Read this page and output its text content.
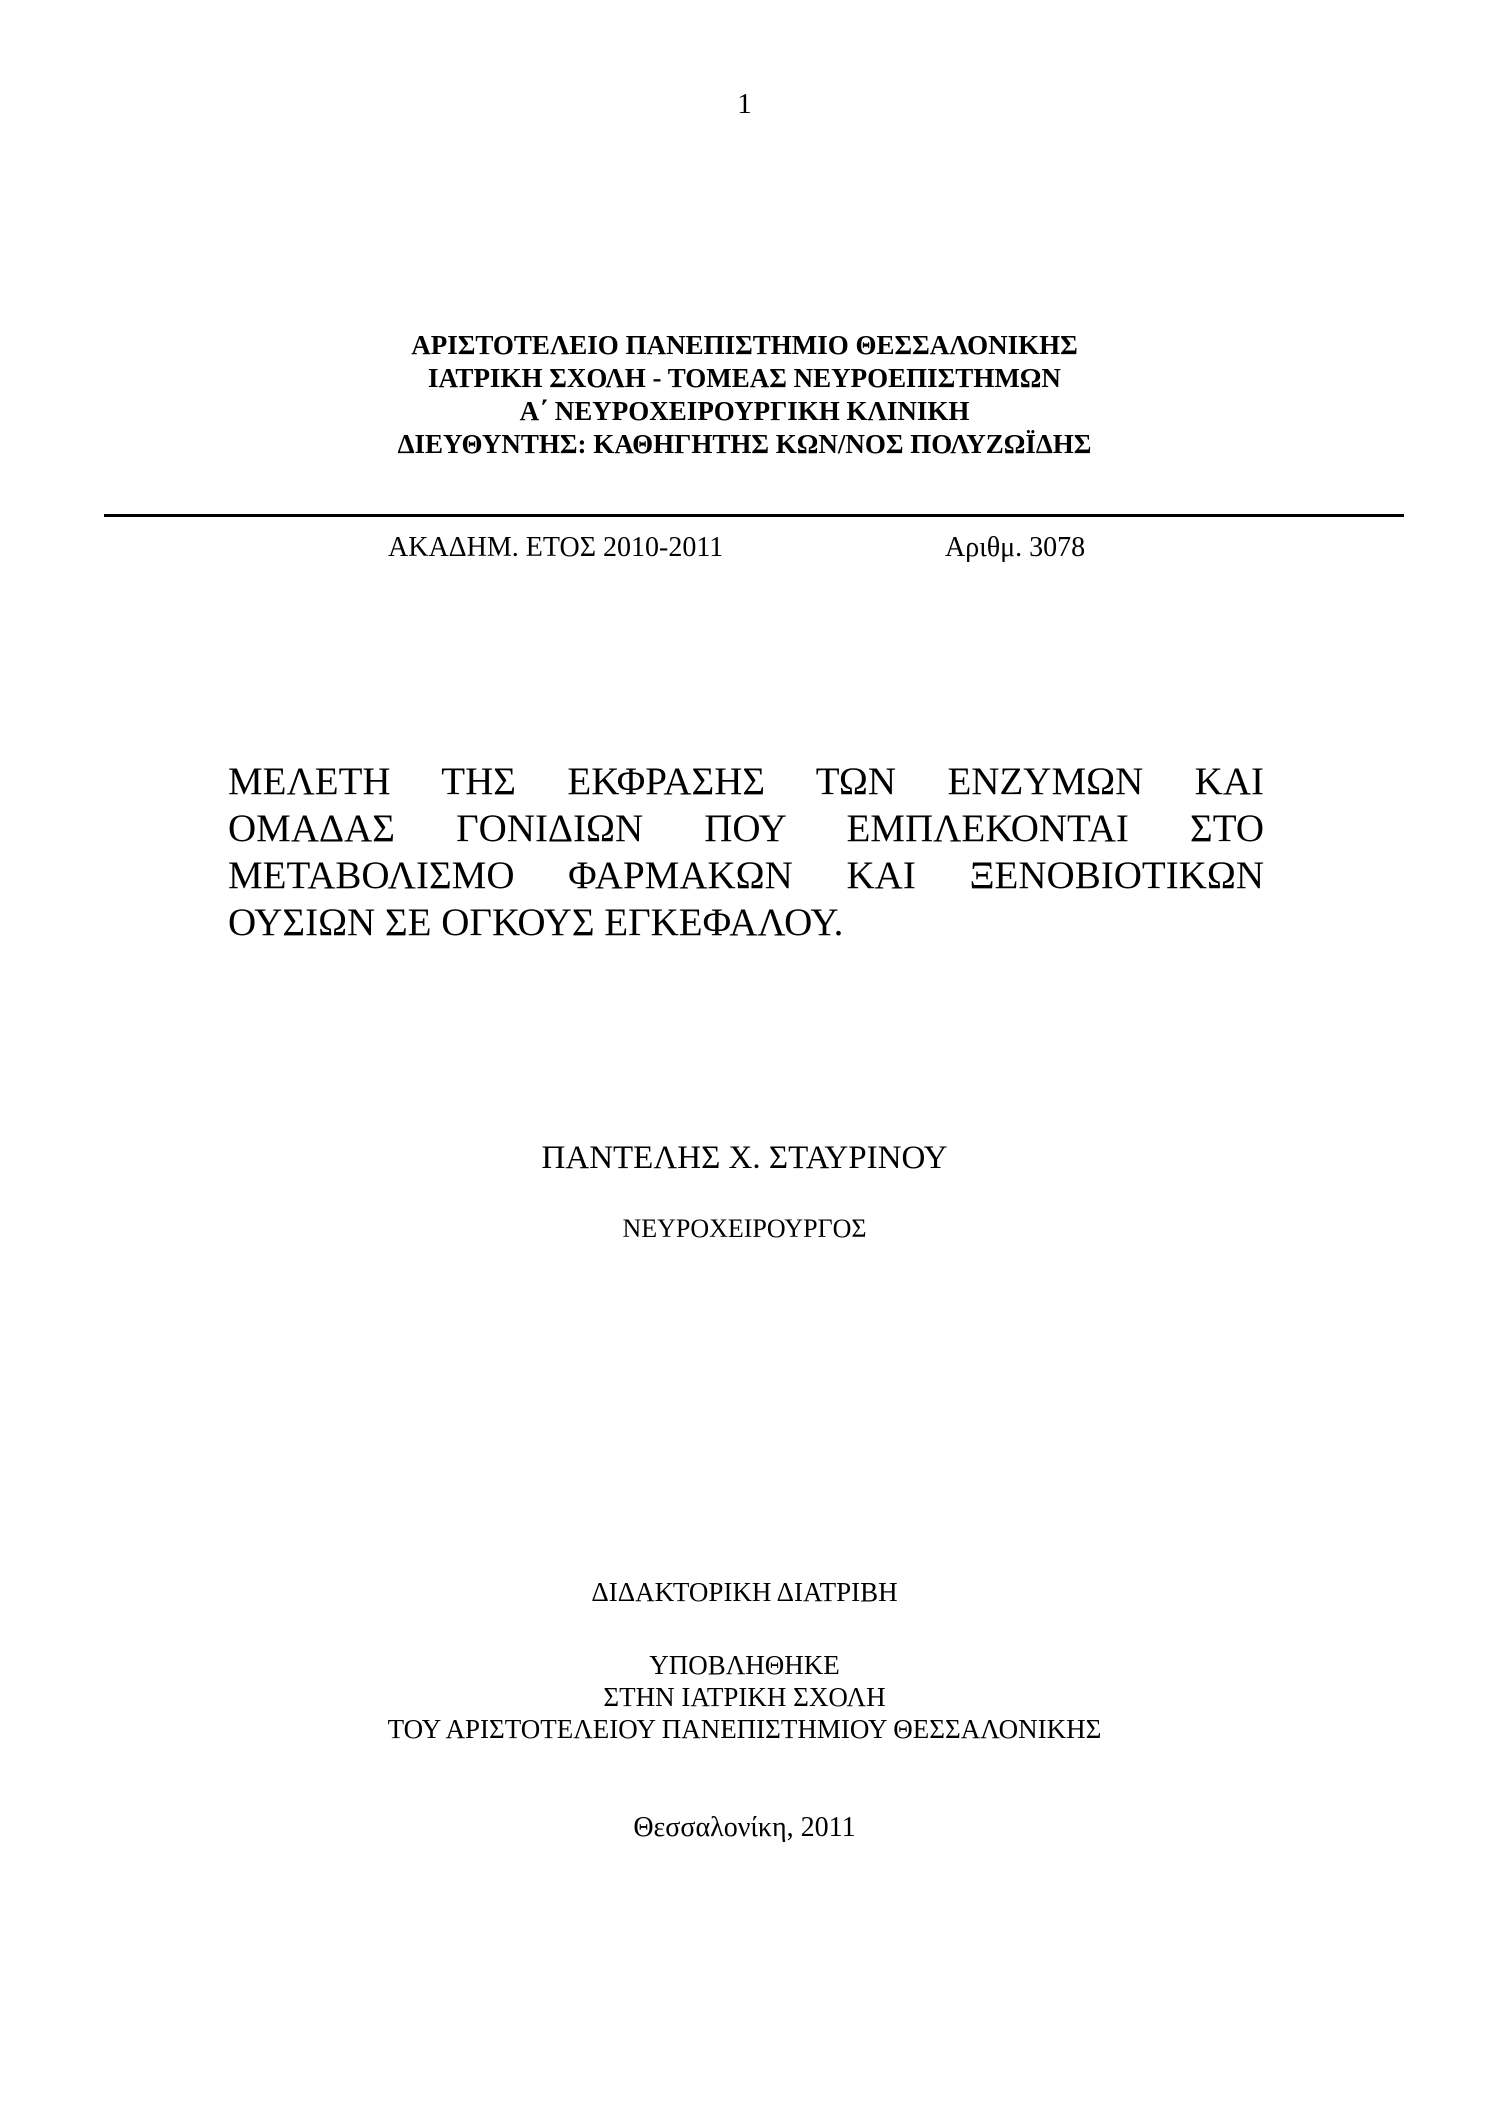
1
ΑΡΙΣΤΟΤΕΛΕΙΟ ΠΑΝΕΠΙΣΤΗΜΙΟ ΘΕΣΣΑΛΟΝΙΚΗΣ
ΙΑΤΡΙΚΗ ΣΧΟΛΗ - ΤΟΜΕΑΣ ΝΕΥΡΟΕΠΙΣΤΗΜΩΝ
Α΄ ΝΕΥΡΟΧΕΙΡΟΥΡΓΙΚΗ ΚΛΙΝΙΚΗ
ΔΙΕΥΘΥΝΤΗΣ: ΚΑΘΗΓΗΤΗΣ ΚΩΝ/ΝΟΣ ΠΟΛΥΖΩΪΔΗΣ
ΑΚΑΔΗΜ. ΕΤΟΣ 2010-2011	Αριθμ. 3078
ΜΕΛΕΤΗ ΤΗΣ ΕΚΦΡΑΣΗΣ ΤΩΝ ΕΝΖΥΜΩΝ ΚΑΙ
ΟΜΑΔΑΣ ΓΟΝΙΔΙΩΝ ΠΟΥ ΕΜΠΛΕΚΟΝΤΑΙ ΣΤΟ
ΜΕΤΑΒΟΛΙΣΜΟ ΦΑΡΜΑΚΩΝ ΚΑΙ ΞΕΝΟΒΙΟΤΙΚΩΝ
ΟΥΣΙΩΝ ΣΕ ΟΓΚΟΥΣ ΕΓΚΕΦΑΛΟΥ.
ΠΑΝΤΕΛΗΣ Χ. ΣΤΑΥΡΙΝΟΥ
ΝΕΥΡΟΧΕΙΡΟΥΡΓΟΣ
ΔΙΔΑΚΤΟΡΙΚΗ ΔΙΑΤΡΙΒΗ
ΥΠΟΒΛΗΘΗΚΕ
ΣΤΗΝ ΙΑΤΡΙΚΗ ΣΧΟΛΗ
ΤΟΥ ΑΡΙΣΤΟΤΕΛΕΙΟΥ ΠΑΝΕΠΙΣΤΗΜΙΟΥ ΘΕΣΣΑΛΟΝΙΚΗΣ
Θεσσαλονίκη, 2011
